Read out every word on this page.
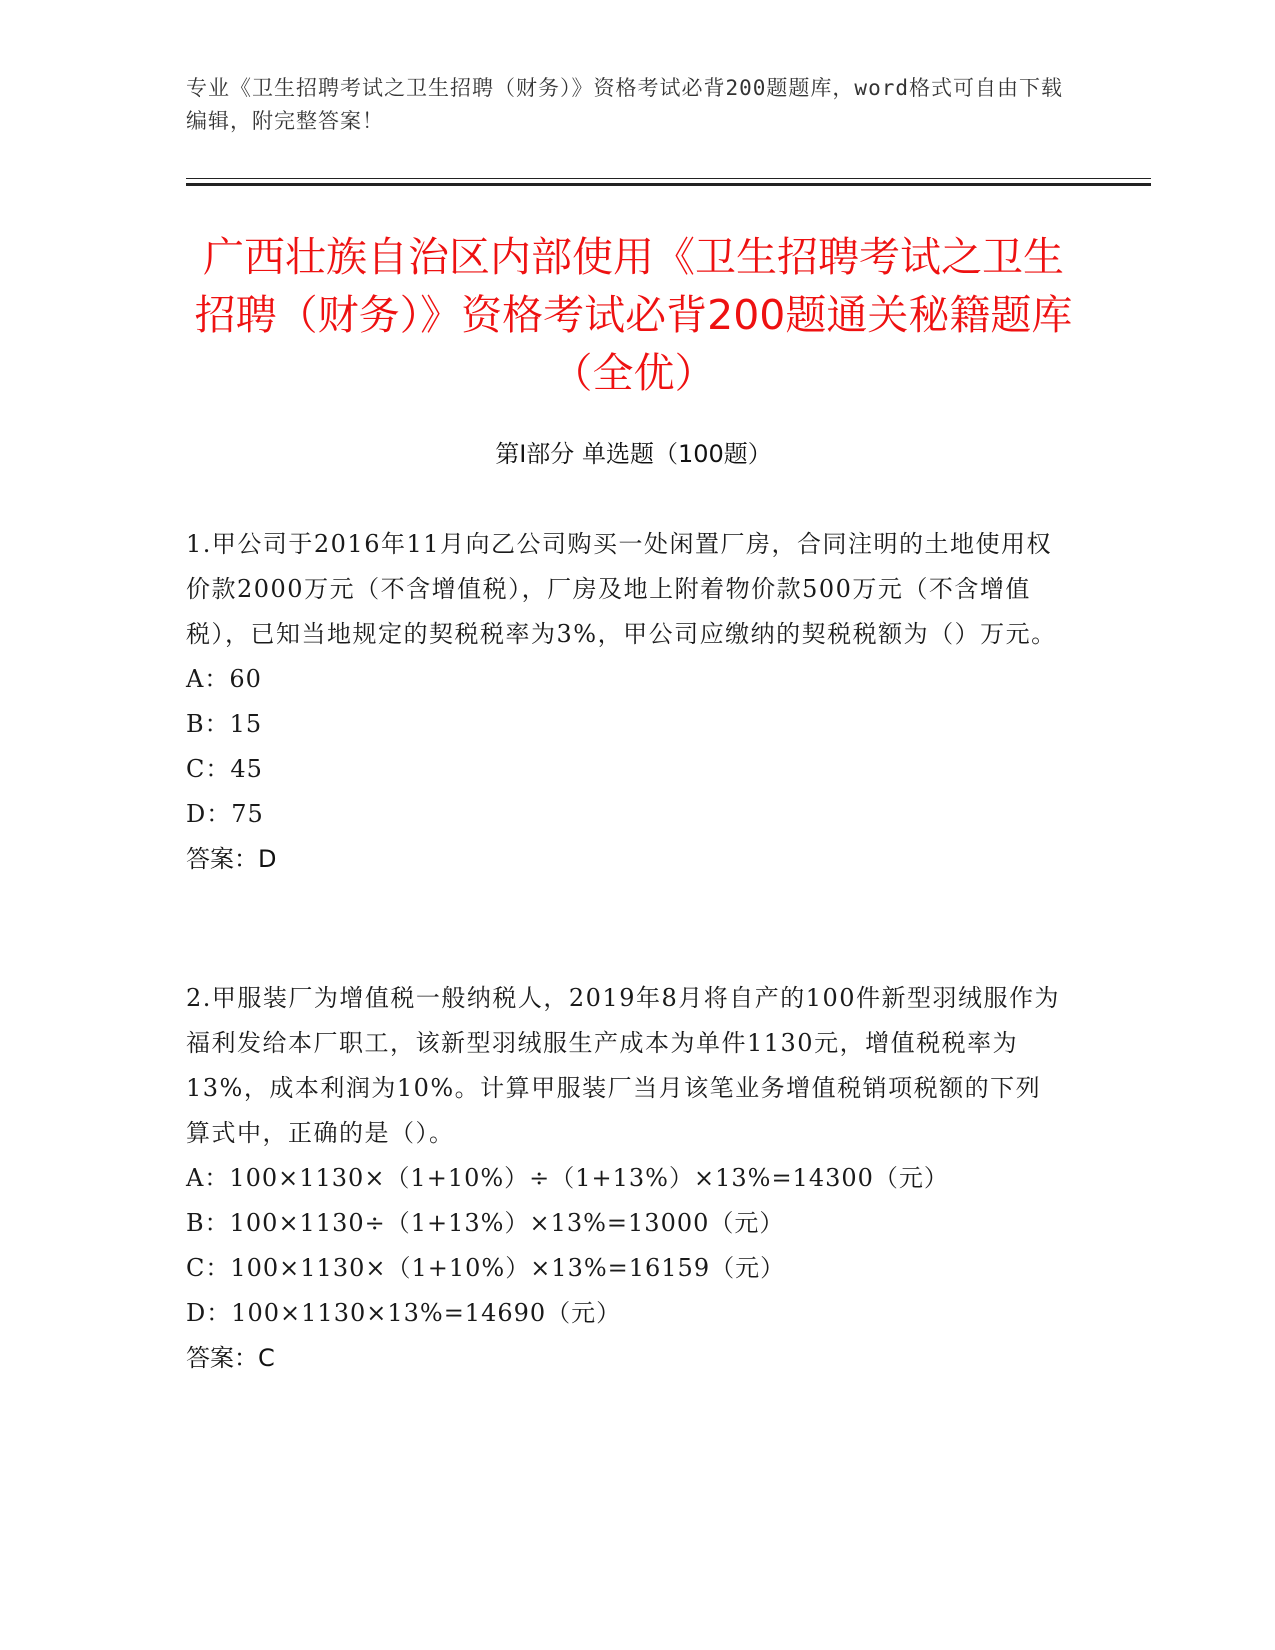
专业《卫生招聘考试之卫生招聘（财务）》资格考试必背200题题库，word格式可自由下载编辑，附完整答案！
广西壮族自治区内部使用《卫生招聘考试之卫生招聘（财务）》资格考试必背200题通关秘籍题库（全优）
第Ⅰ部分 单选题（100题）

1.甲公司于2016年11月向乙公司购买一处闲置厂房，合同注明的土地使用权价款2000万元（不含增值税），厂房及地上附着物价款500万元（不含增值税），已知当地规定的契税税率为3%，甲公司应缴纳的契税税额为（）万元。

A：60

B：15

C：45

D：75

答案：D

2.甲服装厂为增值税一般纳税人，2019年8月将自产的100件新型羽绒服作为福利发给本厂职工，该新型羽绒服生产成本为单件1130元，增值税税率为13%，成本利润为10%。计算甲服装厂当月该笔业务增值税销项税额的下列算式中，正确的是（）。

A：100×1130×（1+10%）÷（1+13%）×13%=14300（元）

B：100×1130÷（1+13%）×13%=13000（元）

C：100×1130×（1+10%）×13%=16159（元）

D：100×1130×13%=14690（元）

答案：C
